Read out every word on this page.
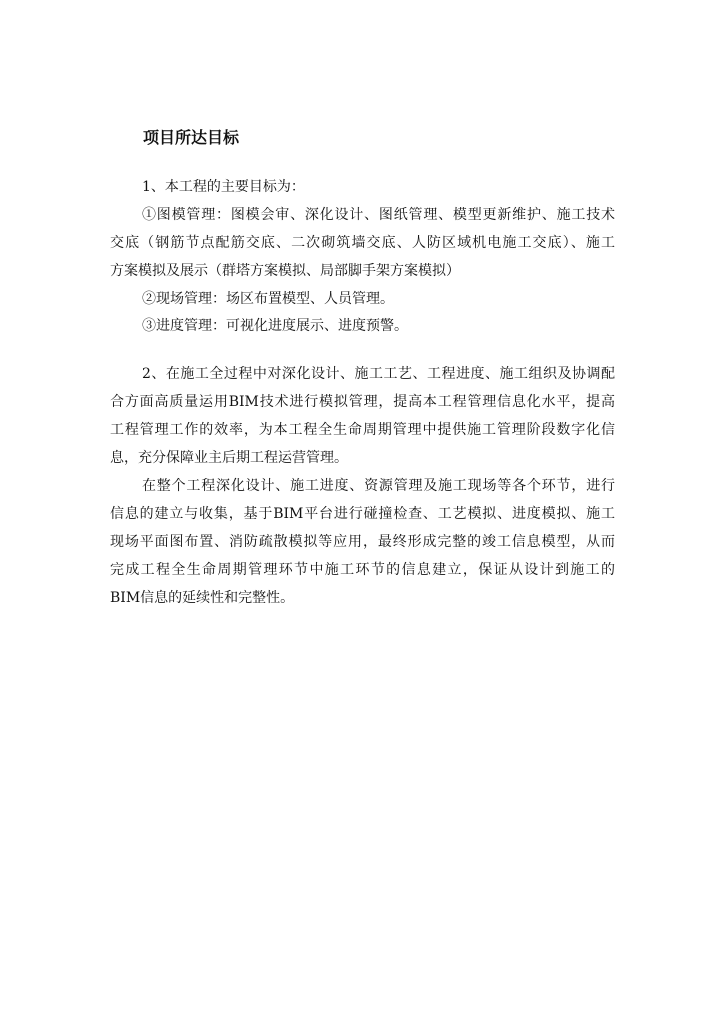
项目所达目标
1、本工程的主要目标为：
①图模管理：图模会审、深化设计、图纸管理、模型更新维护、施工技术
交底（钢筋节点配筋交底、二次砌筑墙交底、人防区域机电施工交底）、施工
方案模拟及展示（群塔方案模拟、局部脚手架方案模拟）
②现场管理：场区布置模型、人员管理。
③进度管理：可视化进度展示、进度预警。
2、在施工全过程中对深化设计、施工工艺、工程进度、施工组织及协调配
合方面高质量运用BIM技术进行模拟管理，提高本工程管理信息化水平，提高
工程管理工作的效率，为本工程全生命周期管理中提供施工管理阶段数字化信
息，充分保障业主后期工程运营管理。
在整个工程深化设计、施工进度、资源管理及施工现场等各个环节，进行
信息的建立与收集，基于BIM平台进行碰撞检查、工艺模拟、进度模拟、施工
现场平面图布置、消防疏散模拟等应用，最终形成完整的竣工信息模型，从而
完成工程全生命周期管理环节中施工环节的信息建立，保证从设计到施工的
BIM信息的延续性和完整性。
